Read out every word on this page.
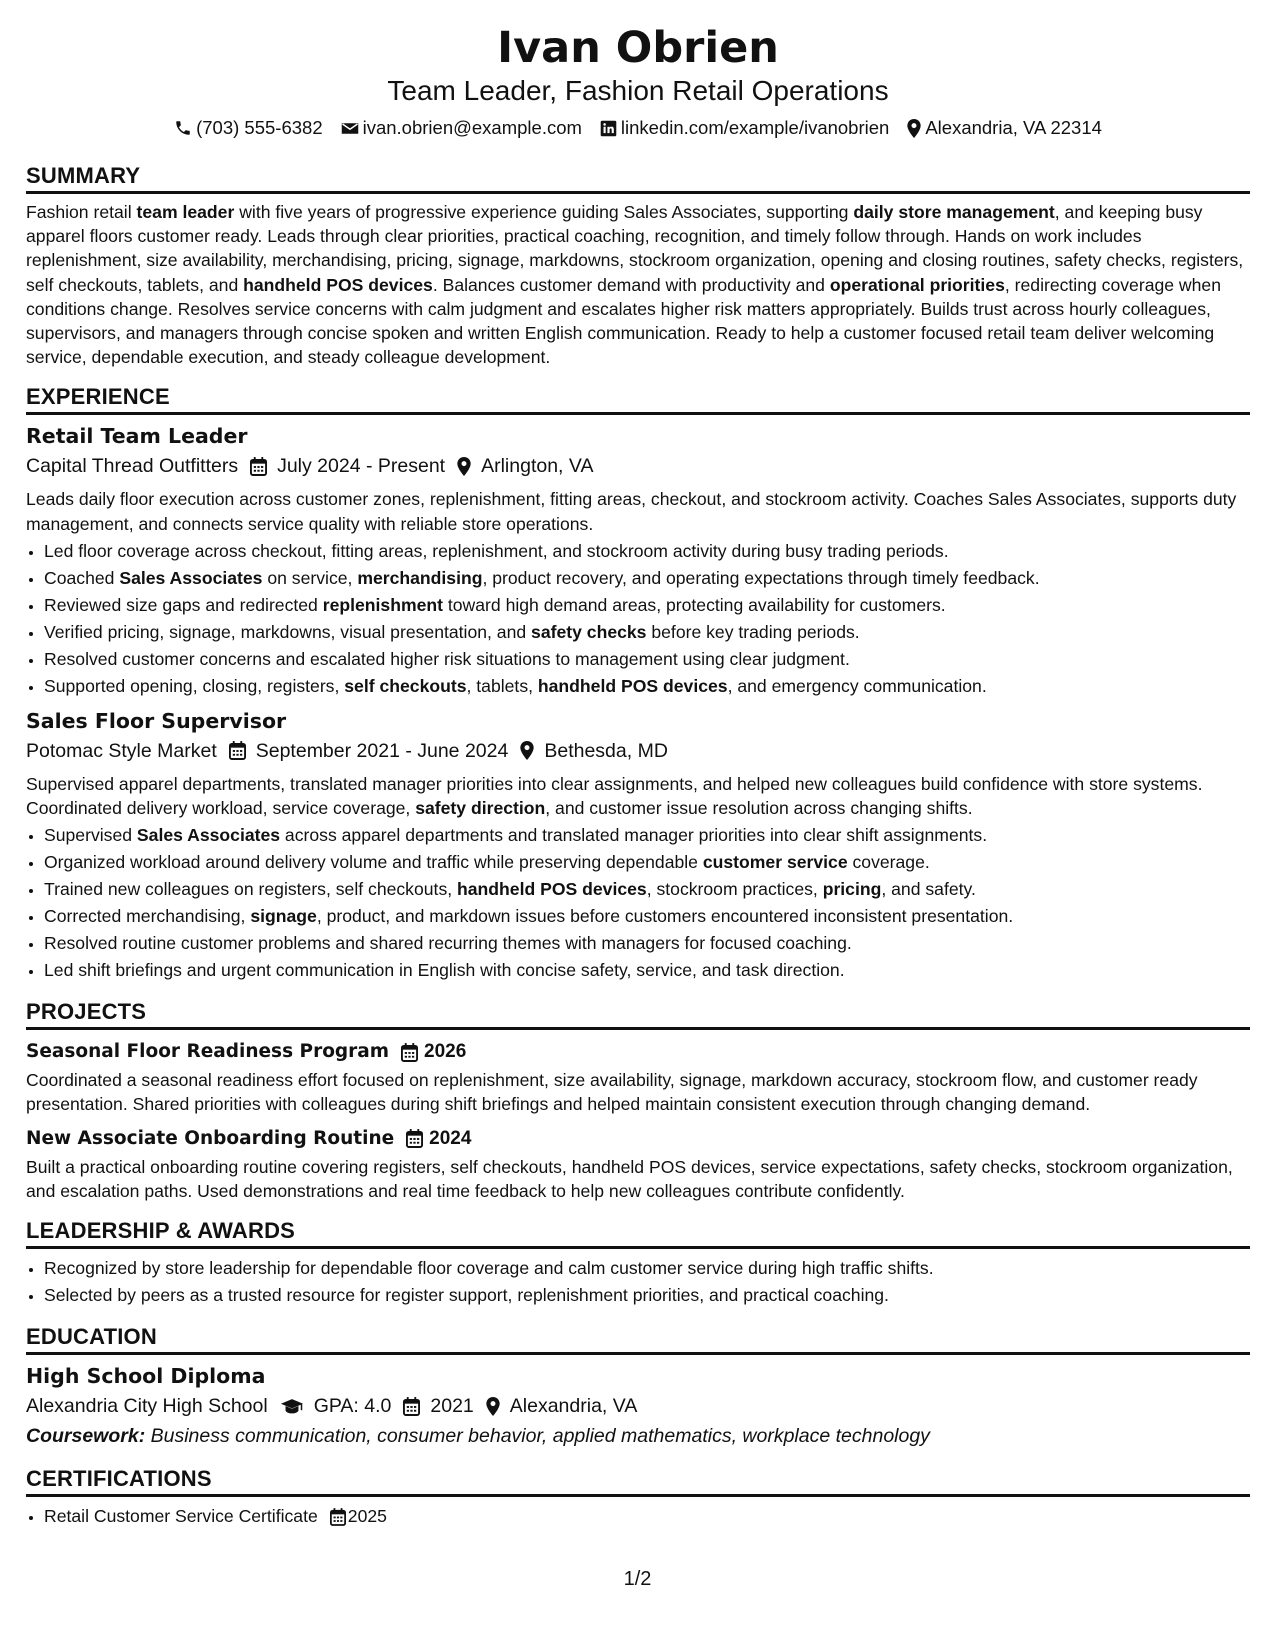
Ivan Obrien
Team Leader, Fashion Retail Operations
(703) 555-6382 ivan.obrien@example.com linkedin.com/example/ivanobrien Alexandria, VA 22314
SUMMARY

Fashion retail team leader with five years of progressive experience guiding Sales Associates, supporting daily store management, and keeping busy apparel floors customer ready. Leads through clear priorities, practical coaching, recognition, and timely follow through. Hands on work includes replenishment, size availability, merchandising, pricing, signage, markdowns, stockroom organization, opening and closing routines, safety checks, registers, self checkouts, tablets, and handheld POS devices. Balances customer demand with productivity and operational priorities, redirecting coverage when conditions change. Resolves service concerns with calm judgment and escalates higher risk matters appropriately. Builds trust across hourly colleagues, supervisors, and managers through concise spoken and written English communication. Ready to help a customer focused retail team deliver welcoming service, dependable execution, and steady colleague development.

EXPERIENCE
Retail Team Leader
Capital Thread Outfitters July 2024 - Present Arlington, VA

Leads daily floor execution across customer zones, replenishment, fitting areas, checkout, and stockroom activity. Coaches Sales Associates, supports duty management, and connects service quality with reliable store operations.

• Led floor coverage across checkout, fitting areas, replenishment, and stockroom activity during busy trading periods.
• Coached Sales Associates on service, merchandising, product recovery, and operating expectations through timely feedback.
• Reviewed size gaps and redirected replenishment toward high demand areas, protecting availability for customers.
• Verified pricing, signage, markdowns, visual presentation, and safety checks before key trading periods.
• Resolved customer concerns and escalated higher risk situations to management using clear judgment.
• Supported opening, closing, registers, self checkouts, tablets, handheld POS devices, and emergency communication.
Sales Floor Supervisor
Potomac Style Market September 2021 - June 2024 Bethesda, MD

Supervised apparel departments, translated manager priorities into clear assignments, and helped new colleagues build confidence with store systems. Coordinated delivery workload, service coverage, safety direction, and customer issue resolution across changing shifts.

• Supervised Sales Associates across apparel departments and translated manager priorities into clear shift assignments.
• Organized workload around delivery volume and traffic while preserving dependable customer service coverage.
• Trained new colleagues on registers, self checkouts, handheld POS devices, stockroom practices, pricing, and safety.
• Corrected merchandising, signage, product, and markdown issues before customers encountered inconsistent presentation.
• Resolved routine customer problems and shared recurring themes with managers for focused coaching.
• Led shift briefings and urgent communication in English with concise safety, service, and task direction.
PROJECTS
Seasonal Floor Readiness Program 2026

Coordinated a seasonal readiness effort focused on replenishment, size availability, signage, markdown accuracy, stockroom flow, and customer ready presentation. Shared priorities with colleagues during shift briefings and helped maintain consistent execution through changing demand.

New Associate Onboarding Routine 2024

Built a practical onboarding routine covering registers, self checkouts, handheld POS devices, service expectations, safety checks, stockroom organization, and escalation paths. Used demonstrations and real time feedback to help new colleagues contribute confidently.

LEADERSHIP & AWARDS
• Recognized by store leadership for dependable floor coverage and calm customer service during high traffic shifts.
• Selected by peers as a trusted resource for register support, replenishment priorities, and practical coaching.
EDUCATION
High School Diploma
Alexandria City High School GPA: 4.0 2021 Alexandria, VA
Coursework: Business communication, consumer behavior, applied mathematics, workplace technology
CERTIFICATIONS
• Retail Customer Service Certificate 2025
1/2
